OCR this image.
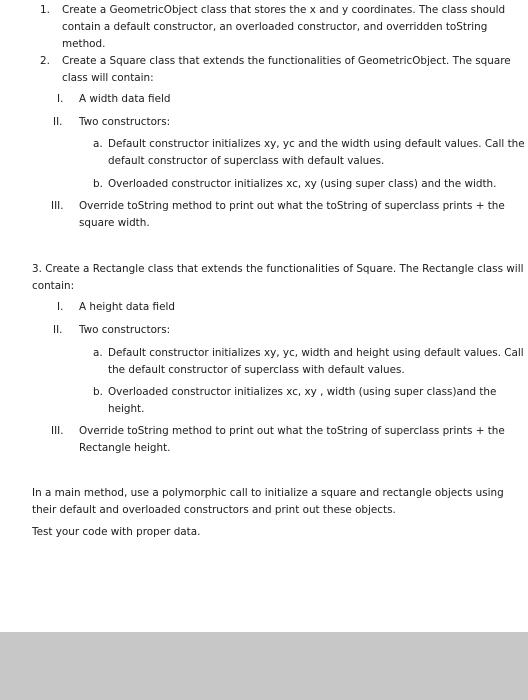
1. Create a GeometricObject class that stores the x and y coordinates. The class should
contain a default constructor, an overloaded constructor, and overridden toString
method.
2. Create a Square class that extends the functionalities of GeometricObject. The square
class will contain:
I. A width data field
II. Two constructors:
a. Default constructor initializes xy, yc and the width using default values. Call the
default constructor of superclass with default values.
b. Overloaded constructor initializes xc, xy (using super class) and the width.
III. Override toString method to print out what the toString of superclass prints + the
square width.
3. Create a Rectangle class that extends the functionalities of Square. The Rectangle class will
contain:
I. A height data field
II. Two constructors:
a. Default constructor initializes xy, yc, width and height using default values. Call
the default constructor of superclass with default values.
b. Overloaded constructor initializes xc, xy , width (using super class)and the
height.
III. Override toString method to print out what the toString of superclass prints + the
Rectangle height.
In a main method, use a polymorphic call to initialize a square and rectangle objects using
their default and overloaded constructors and print out these objects.
Test your code with proper data.
